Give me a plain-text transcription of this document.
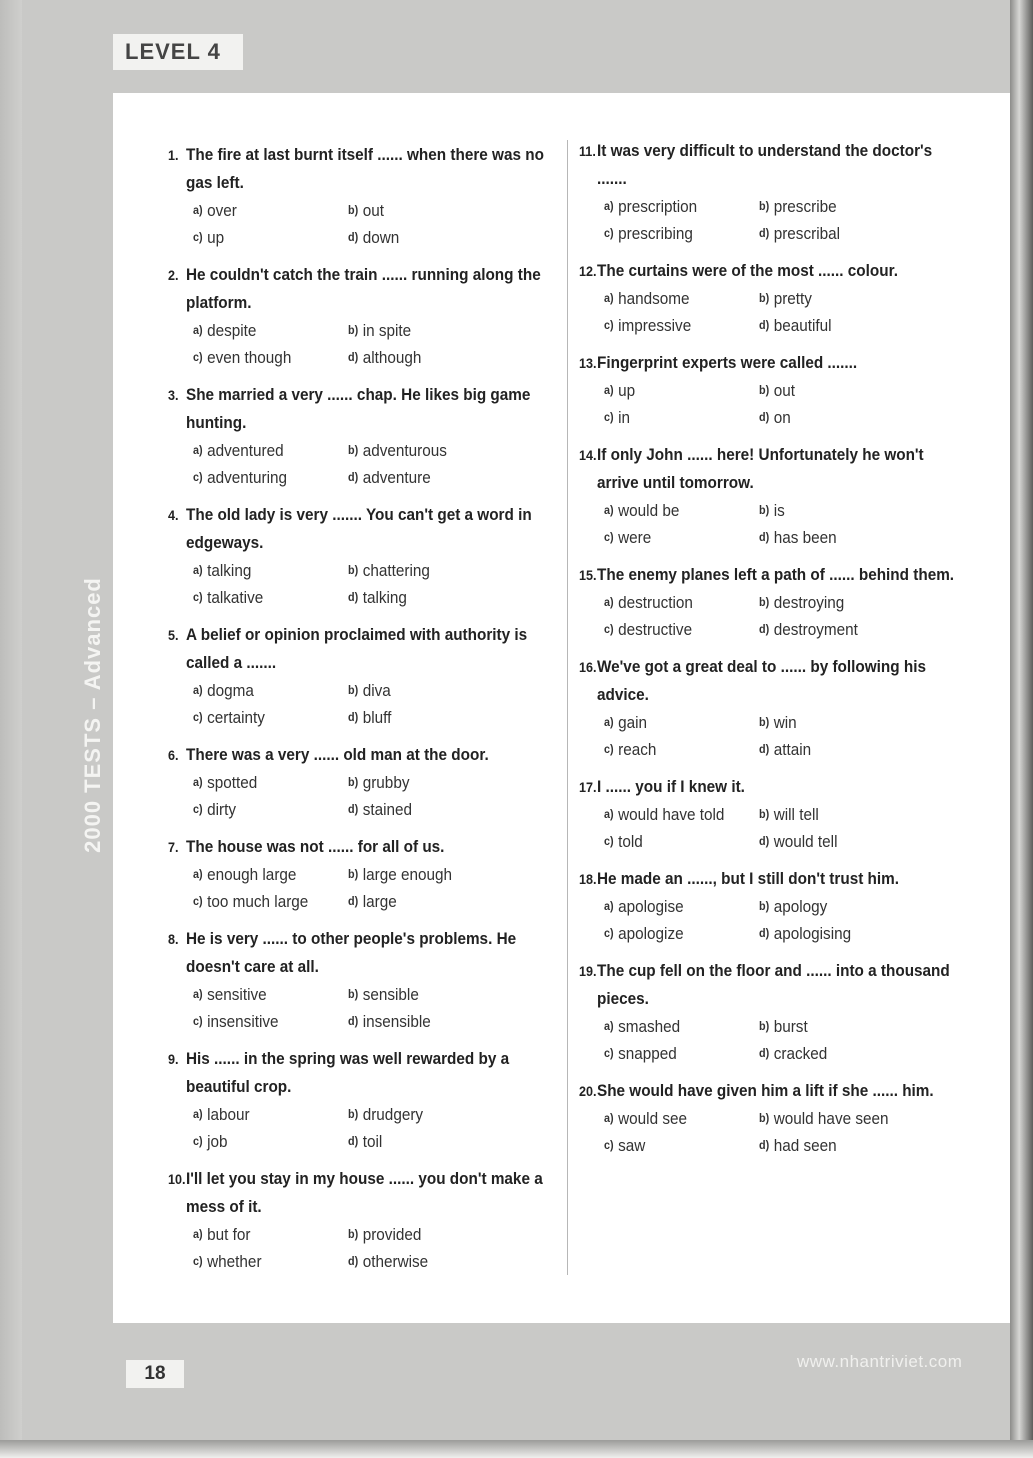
LEVEL 4
2000 TESTS – Advanced
1. The fire at last burnt itself ...... when there was no gas left.
a) over	b) out
c) up	d) down
2. He couldn't catch the train ...... running along the platform.
a) despite	b) in spite
c) even though	d) although
3. She married a very ...... chap. He likes big game hunting.
a) adventured	b) adventurous
c) adventuring	d) adventure
4. The old lady is very ....... You can't get a word in edgeways.
a) talking	b) chattering
c) talkative	d) talking
5. A belief or opinion proclaimed with authority is called a .......
a) dogma	b) diva
c) certainty	d) bluff
6. There was a very ...... old man at the door.
a) spotted	b) grubby
c) dirty	d) stained
7. The house was not ...... for all of us.
a) enough large	b) large enough
c) too much large	d) large
8. He is very ...... to other people's problems. He doesn't care at all.
a) sensitive	b) sensible
c) insensitive	d) insensible
9. His ...... in the spring was well rewarded by a beautiful crop.
a) labour	b) drudgery
c) job	d) toil
10. I'll let you stay in my house ...... you don't make a mess of it.
a) but for	b) provided
c) whether	d) otherwise
11. It was very difficult to understand the doctor's .......
a) prescription	b) prescribe
c) prescribing	d) prescribal
12. The curtains were of the most ...... colour.
a) handsome	b) pretty
c) impressive	d) beautiful
13. Fingerprint experts were called .......
a) up	b) out
c) in	d) on
14. If only John ...... here! Unfortunately he won't arrive until tomorrow.
a) would be	b) is
c) were	d) has been
15. The enemy planes left a path of ...... behind them.
a) destruction	b) destroying
c) destructive	d) destroyment
16. We've got a great deal to ...... by following his advice.
a) gain	b) win
c) reach	d) attain
17. I ...... you if I knew it.
a) would have told	b) will tell
c) told	d) would tell
18. He made an ......, but I still don't trust him.
a) apologise	b) apology
c) apologize	d) apologising
19. The cup fell on the floor and ...... into a thousand pieces.
a) smashed	b) burst
c) snapped	d) cracked
20. She would have given him a lift if she ...... him.
a) would see	b) would have seen
c) saw	d) had seen
18
www.nhantriviet.com
